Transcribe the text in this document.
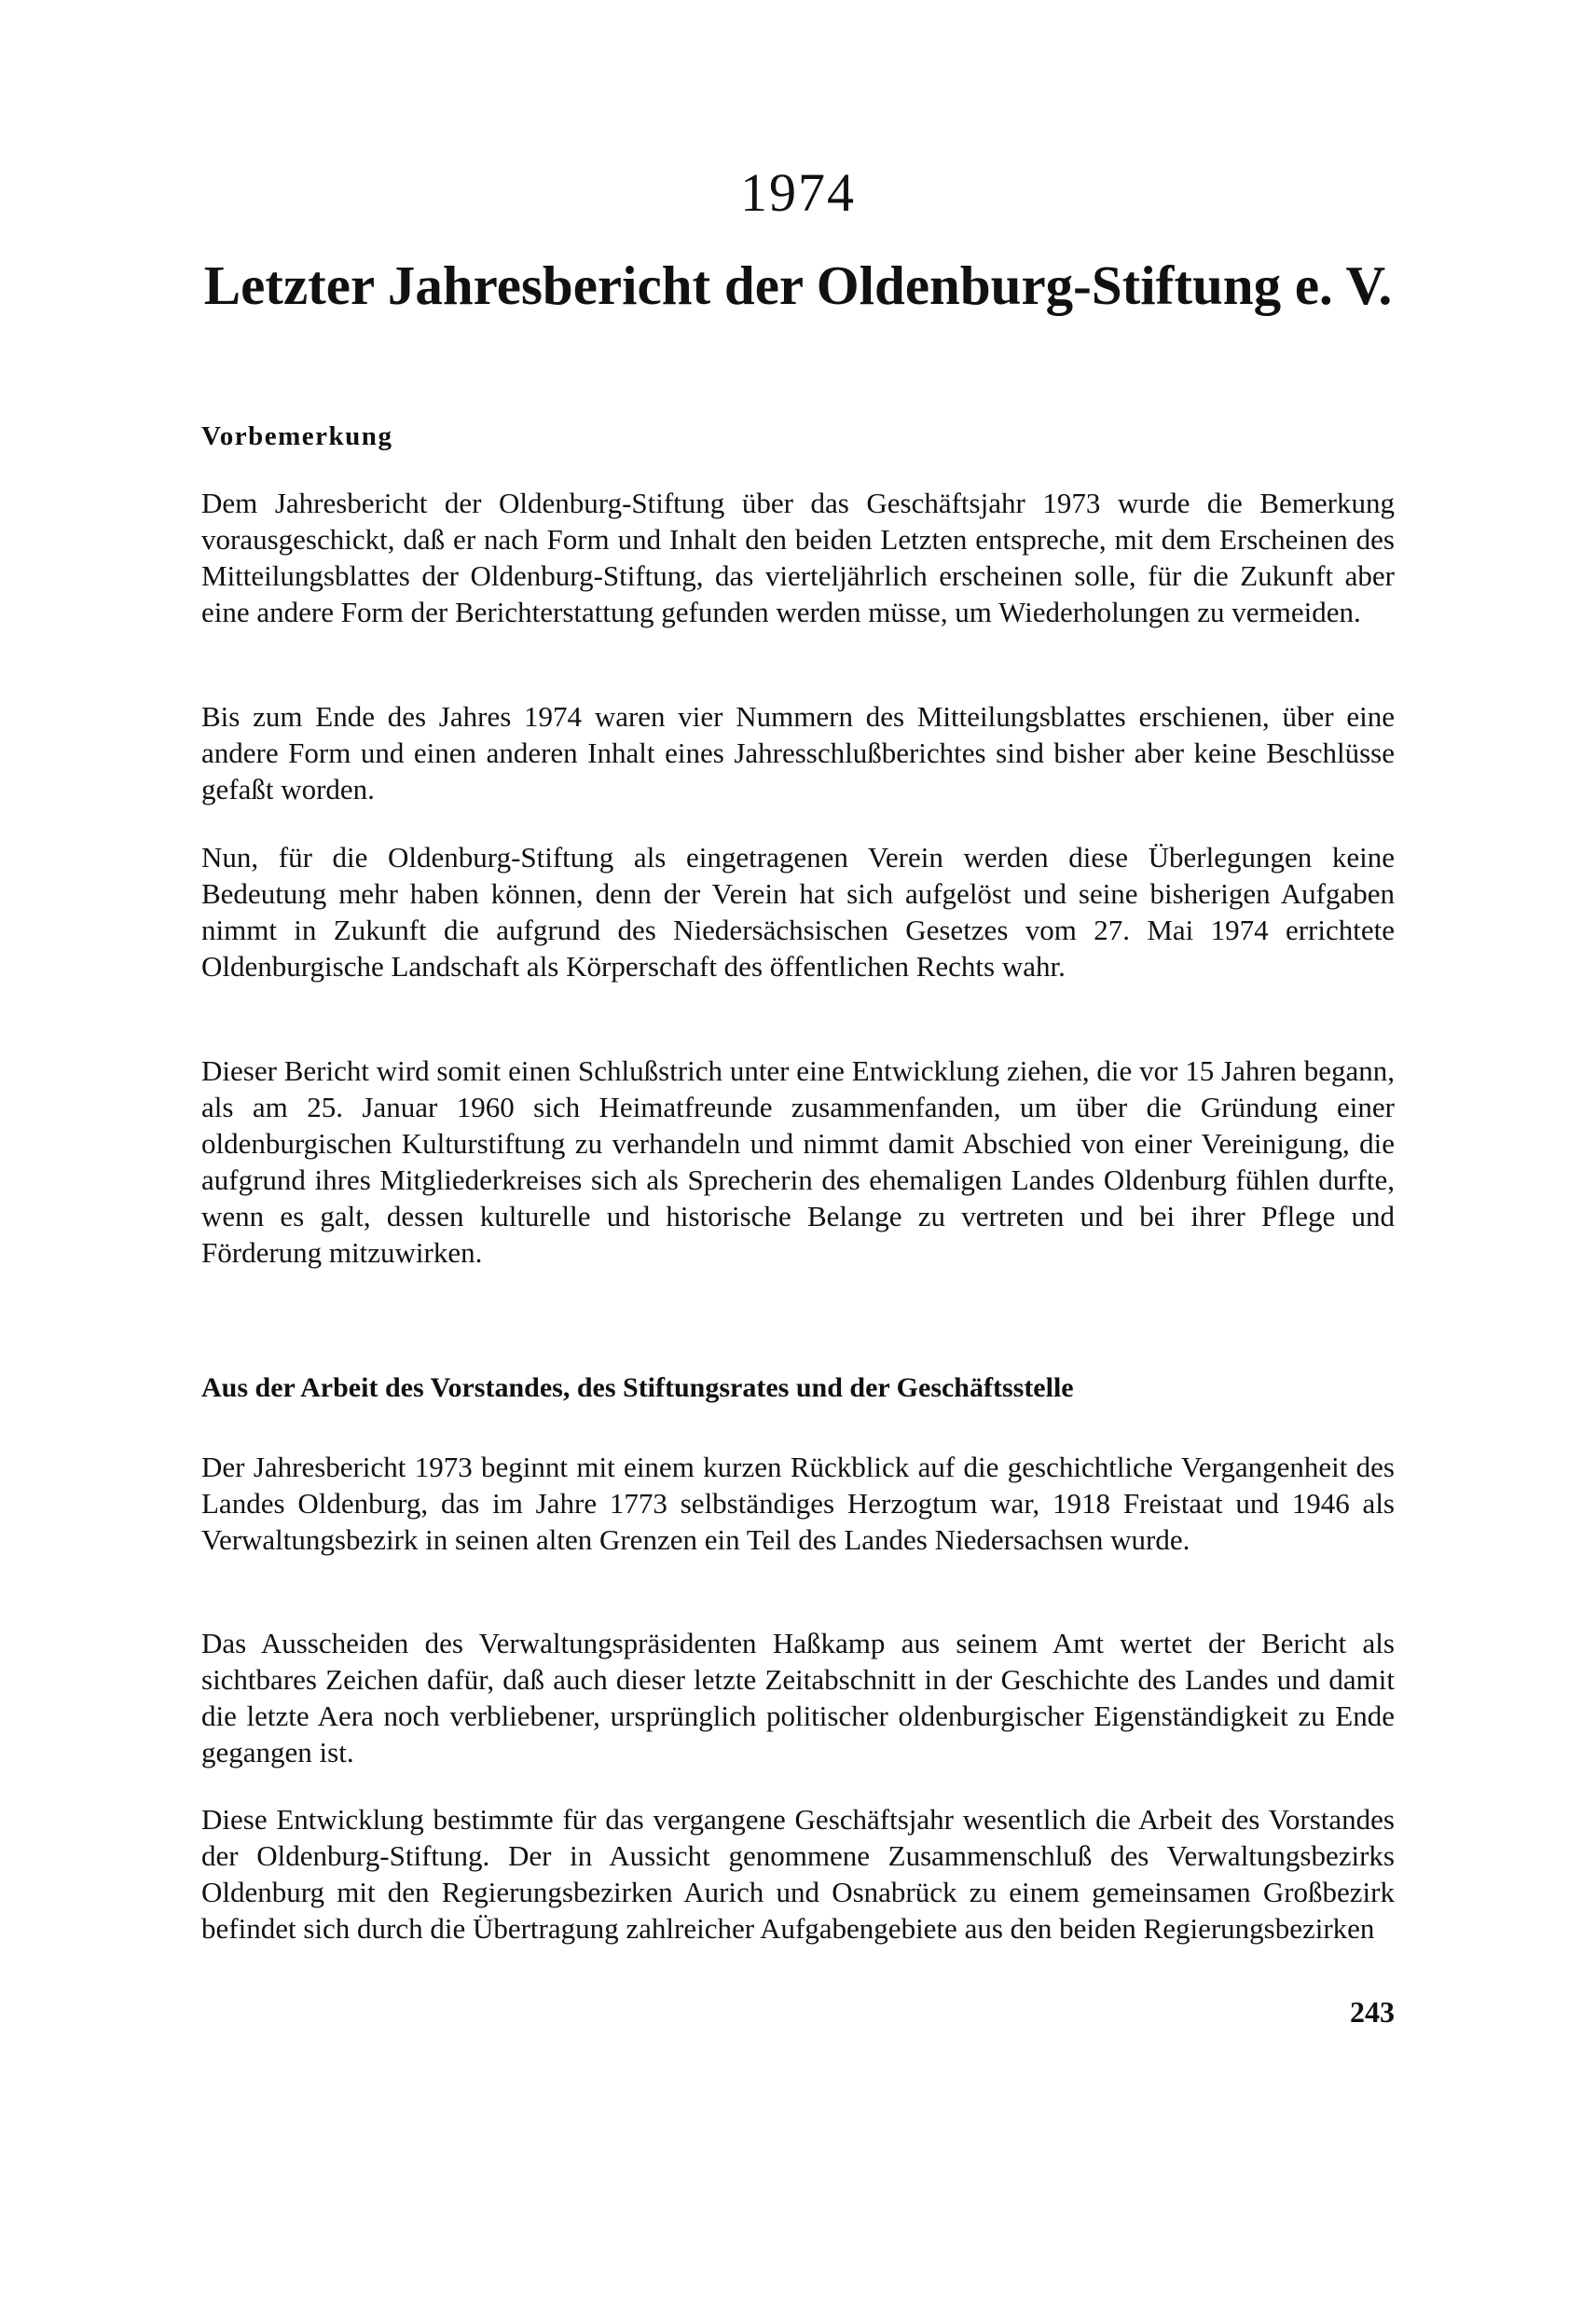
1974
Letzter Jahresbericht der Oldenburg-Stiftung e. V.
Vorbemerkung
Dem Jahresbericht der Oldenburg-Stiftung über das Geschäftsjahr 1973 wurde die Bemerkung vorausgeschickt, daß er nach Form und Inhalt den beiden Letzten entspreche, mit dem Erscheinen des Mitteilungsblattes der Oldenburg-Stiftung, das vierteljährlich erscheinen solle, für die Zukunft aber eine andere Form der Berichterstattung gefunden werden müsse, um Wiederholungen zu vermeiden.
Bis zum Ende des Jahres 1974 waren vier Nummern des Mitteilungsblattes erschienen, über eine andere Form und einen anderen Inhalt eines Jahresschlußberichtes sind bisher aber keine Beschlüsse gefaßt worden.
Nun, für die Oldenburg-Stiftung als eingetragenen Verein werden diese Überlegungen keine Bedeutung mehr haben können, denn der Verein hat sich aufgelöst und seine bisherigen Aufgaben nimmt in Zukunft die aufgrund des Niedersächsischen Gesetzes vom 27. Mai 1974 errichtete Oldenburgische Landschaft als Körperschaft des öffentlichen Rechts wahr.
Dieser Bericht wird somit einen Schlußstrich unter eine Entwicklung ziehen, die vor 15 Jahren begann, als am 25. Januar 1960 sich Heimatfreunde zusammenfanden, um über die Gründung einer oldenburgischen Kulturstiftung zu verhandeln und nimmt damit Abschied von einer Vereinigung, die aufgrund ihres Mitgliederkreises sich als Sprecherin des ehemaligen Landes Oldenburg fühlen durfte, wenn es galt, dessen kulturelle und historische Belange zu vertreten und bei ihrer Pflege und Förderung mitzuwirken.
Aus der Arbeit des Vorstandes, des Stiftungsrates und der Geschäftsstelle
Der Jahresbericht 1973 beginnt mit einem kurzen Rückblick auf die geschichtliche Vergangenheit des Landes Oldenburg, das im Jahre 1773 selbständiges Herzogtum war, 1918 Freistaat und 1946 als Verwaltungsbezirk in seinen alten Grenzen ein Teil des Landes Niedersachsen wurde.
Das Ausscheiden des Verwaltungspräsidenten Haßkamp aus seinem Amt wertet der Bericht als sichtbares Zeichen dafür, daß auch dieser letzte Zeitabschnitt in der Geschichte des Landes und damit die letzte Aera noch verbliebener, ursprünglich politischer oldenburgischer Eigenständigkeit zu Ende gegangen ist.
Diese Entwicklung bestimmte für das vergangene Geschäftsjahr wesentlich die Arbeit des Vorstandes der Oldenburg-Stiftung. Der in Aussicht genommene Zusammenschluß des Verwaltungsbezirks Oldenburg mit den Regierungsbezirken Aurich und Osnabrück zu einem gemeinsamen Großbezirk befindet sich durch die Übertragung zahlreicher Aufgabengebiete aus den beiden Regierungsbezirken
243
